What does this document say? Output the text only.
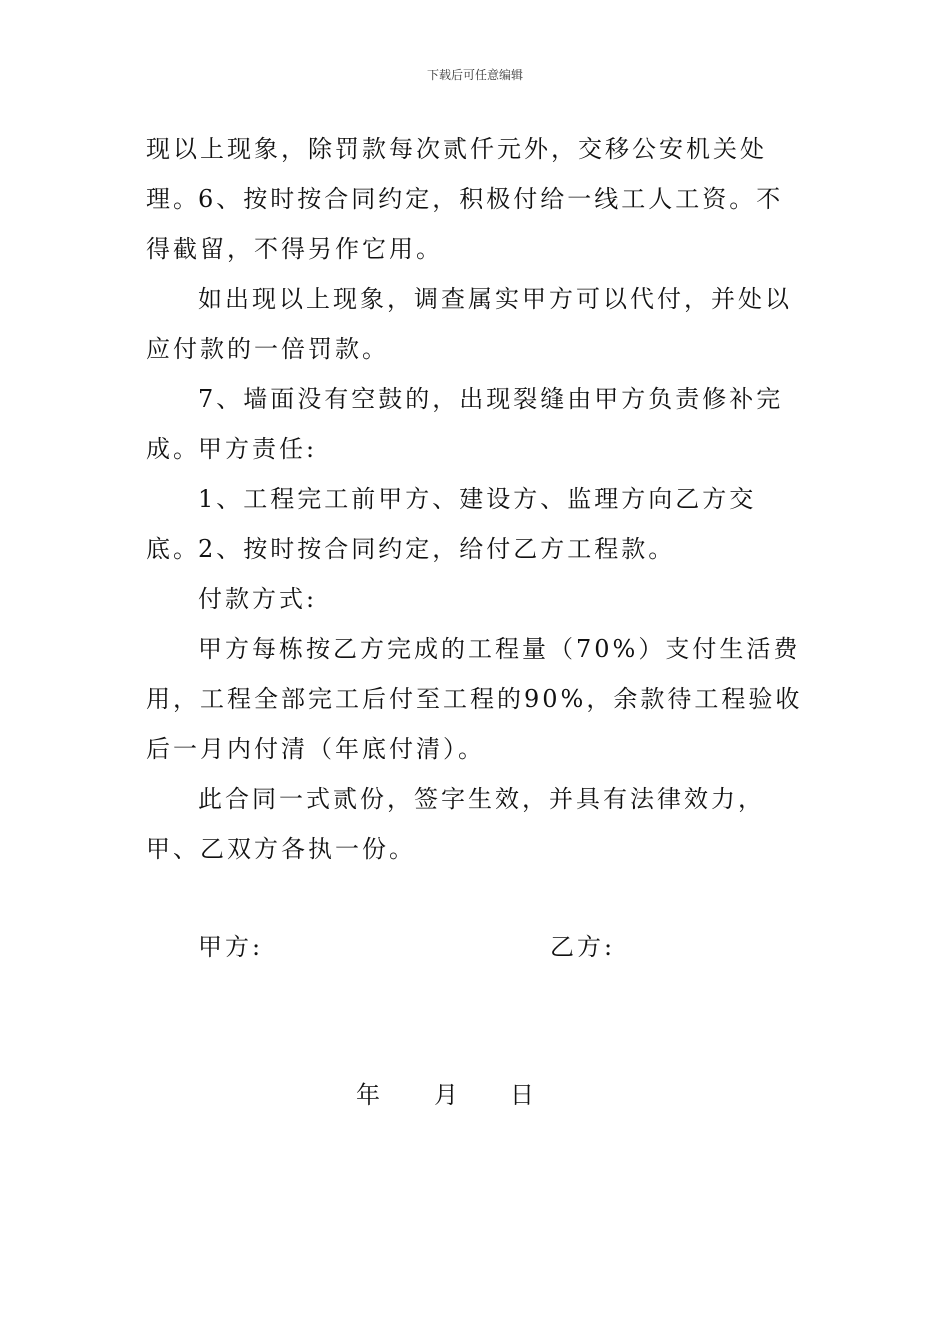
下载后可任意编辑

现以上现象，除罚款每次贰仟元外，交移公安机关处理。

6、按时按合同约定，积极付给一线工人工资。不得截留，不得另作它用。

如出现以上现象，调查属实甲方可以代付，并处以应付款的一倍罚款。

7、墙面没有空鼓的，出现裂缝由甲方负责修补完成。

甲方责任:

1、工程完工前甲方、建设方、监理方向乙方交底。

2、按时按合同约定，给付乙方工程款。

付款方式:

甲方每栋按乙方完成的工程量（70%）支付生活费用，工程全部完工后付至工程的90%，余款待工程验收后一月内付清（年底付清）。

此合同一式贰份，签字生效，并具有法律效力，甲、乙双方各执一份。

甲方:	乙方:
年 月 日
